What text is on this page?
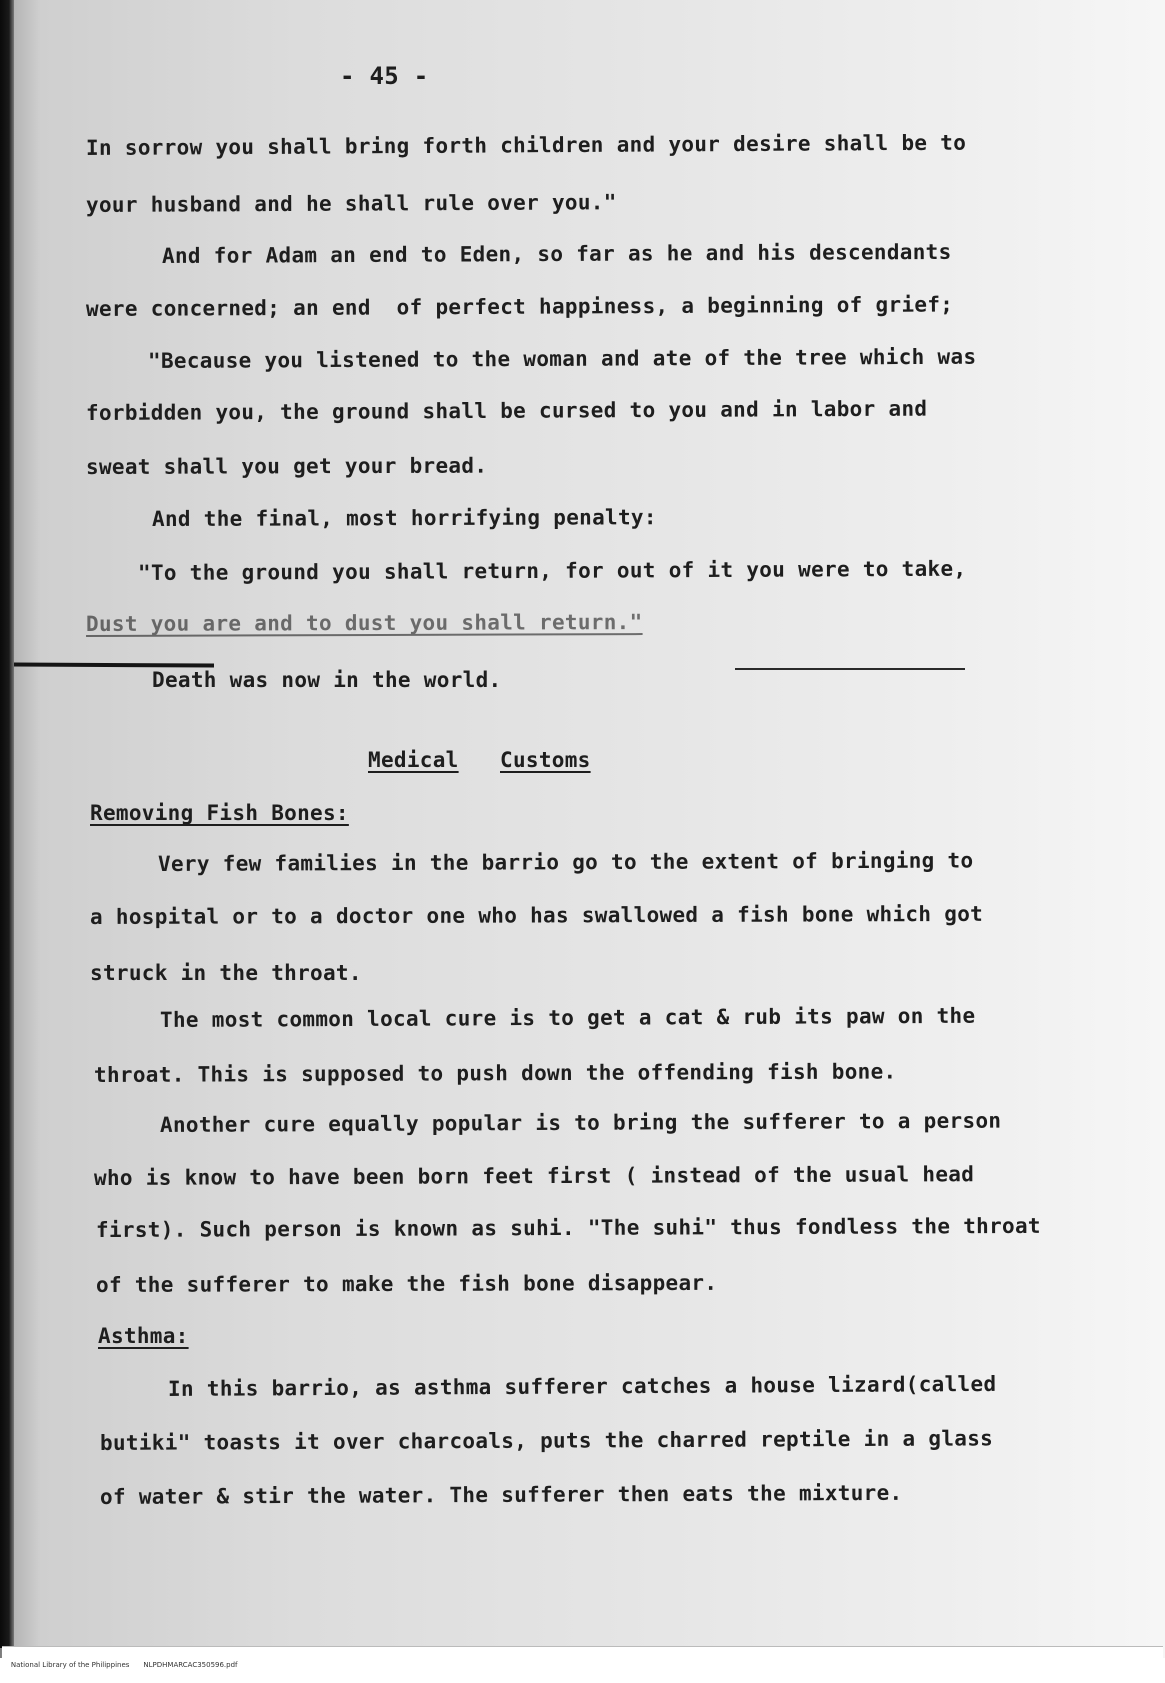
- 45 -
In sorrow you shall bring forth children and your desire shall be to
your husband and he shall rule over you."
And for Adam an end to Eden, so far as he and his descendants
were concerned; an end  of perfect happiness, a beginning of grief;
"Because you listened to the woman and ate of the tree which was
forbidden you, the ground shall be cursed to you and in labor and
sweat shall you get your bread.
And the final, most horrifying penalty:
"To the ground you shall return, for out of it you were to take,
Dust you are and to dust you shall return."
Death was now in the world.
Medical Customs
Removing Fish Bones:
Very few families in the barrio go to the extent of bringing to
a hospital or to a doctor one who has swallowed a fish bone which got
struck in the throat.
The most common local cure is to get a cat & rub its paw on the
throat. This is supposed to push down the offending fish bone.
Another cure equally popular is to bring the sufferer to a person
who is know to have been born feet first ( instead of the usual head
first). Such person is known as suhi. "The suhi" thus fondless the throat
of the sufferer to make the fish bone disappear.
Asthma:
In this barrio, as asthma sufferer catches a house lizard(called
butiki" toasts it over charcoals, puts the charred reptile in a glass
of water & stir the water. The sufferer then eats the mixture.

National Library of the Philippines NLPDHMARCAC350596.pdf
